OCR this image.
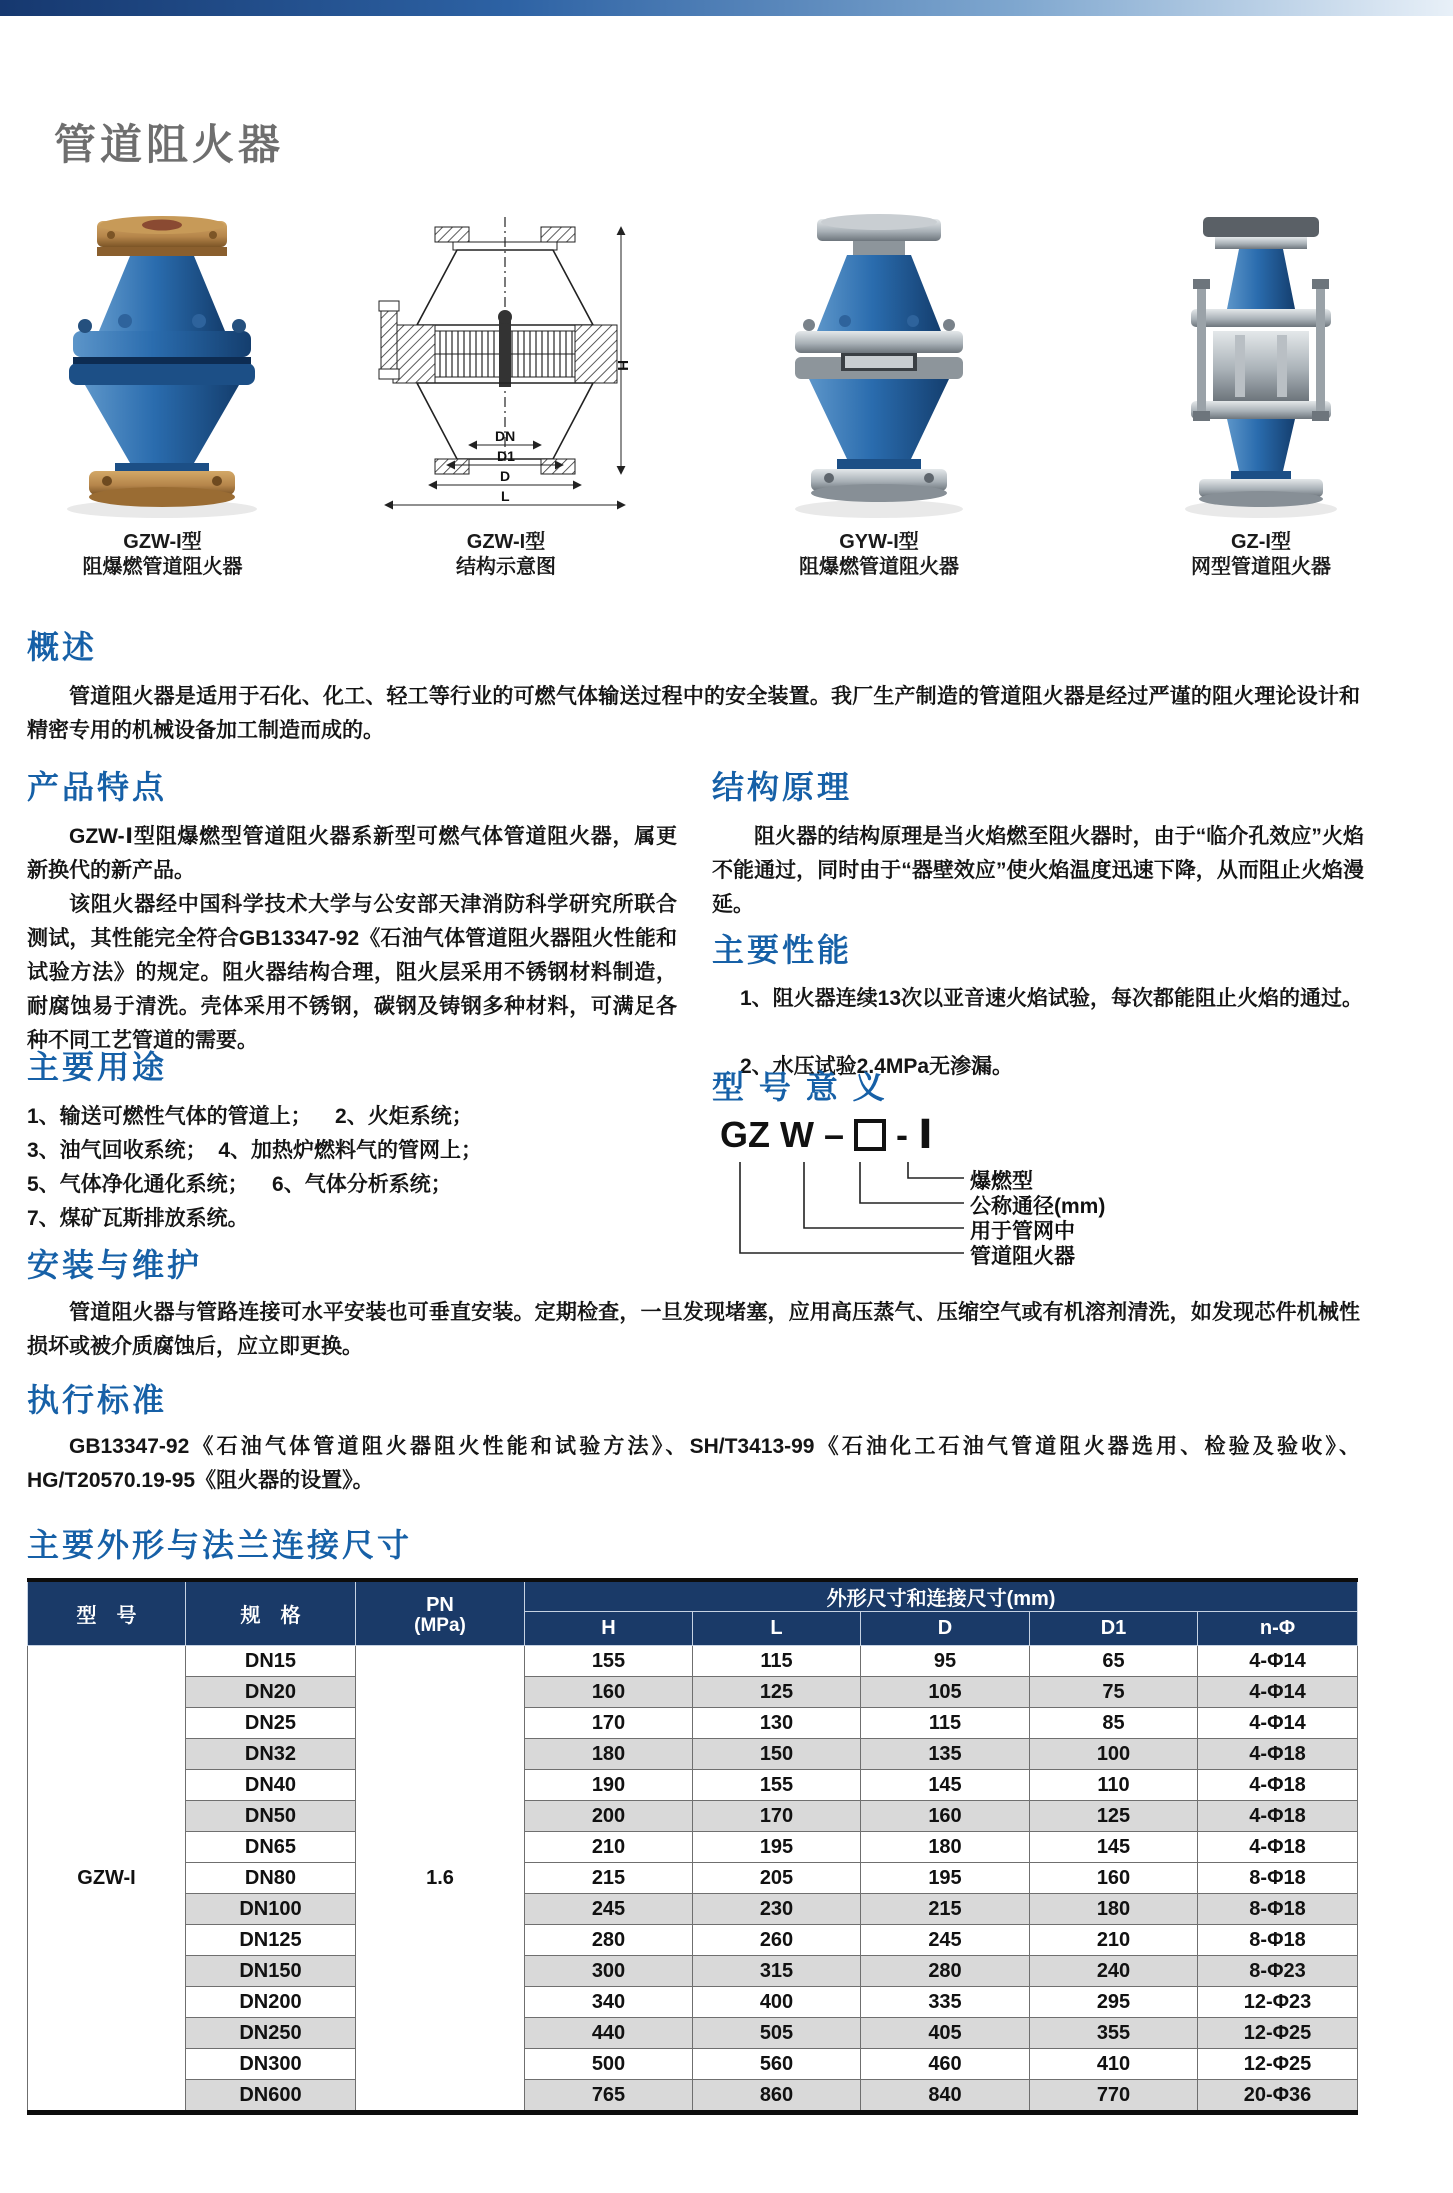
管道阻火器
GZW-I型
阻爆燃管道阻火器
H
DN
D1
D
L
GZW-I型
结构示意图
GYW-I型
阻爆燃管道阻火器
GZ-I型
网型管道阻火器
概述
管道阻火器是适用于石化、化工、轻工等行业的可燃气体输送过程中的安全装置。我厂生产制造的管道阻火器是经过严谨的阻火理论设计和精密专用的机械设备加工制造而成的。
产品特点
GZW-Ⅰ型阻爆燃型管道阻火器系新型可燃气体管道阻火器，属更新换代的新产品。
该阻火器经中国科学技术大学与公安部天津消防科学研究所联合测试，其性能完全符合GB13347-92《石油气体管道阻火器阻火性能和试验方法》的规定。阻火器结构合理，阻火层采用不锈钢材料制造，耐腐蚀易于清洗。壳体采用不锈钢，碳钢及铸钢多种材料，可满足各种不同工艺管道的需要。
结构原理
阻火器的结构原理是当火焰燃至阻火器时，由于“临介孔效应”火焰不能通过，同时由于“器壁效应”使火焰温度迅速下降，从而阻止火焰漫延。
主要性能
1、阻火器连续13次以亚音速火焰试验，每次都能阻止火焰的通过。
2、水压试验2.4MPa无渗漏。
主要用途
1、输送可燃性气体的管道上；    2、火炬系统；
3、油气回收系统；  4、加热炉燃料气的管网上；
5、气体净化通化系统；    6、气体分析系统；
7、煤矿瓦斯排放系统。
型 号 意 义
GZ W – - Ⅰ
爆燃型
公称通径(mm)
用于管网中
管道阻火器
安装与维护
管道阻火器与管路连接可水平安装也可垂直安装。定期检查，一旦发现堵塞，应用高压蒸气、压缩空气或有机溶剂清洗，如发现芯件机械性损坏或被介质腐蚀后，应立即更换。
执行标准
GB13347-92《石油气体管道阻火器阻火性能和试验方法》、SH/T3413-99《石油化工石油气管道阻火器选用、检验及验收》、HG/T20570.19-95《阻火器的设置》。
主要外形与法兰连接尺寸
型　号	规　格	PN
(MPa)	外形尺寸和连接尺寸(mm)				
			H	L	D	D1	n-Φ
GZW-I	DN15	1.6	155	115	95	65	4-Φ14
	DN20		160	125	105	75	4-Φ14
	DN25		170	130	115	85	4-Φ14
	DN32		180	150	135	100	4-Φ18
	DN40		190	155	145	110	4-Φ18
	DN50		200	170	160	125	4-Φ18
	DN65		210	195	180	145	4-Φ18
	DN80		215	205	195	160	8-Φ18
	DN100		245	230	215	180	8-Φ18
	DN125		280	260	245	210	8-Φ18
	DN150		300	315	280	240	8-Φ23
	DN200		340	400	335	295	12-Φ23
	DN250		440	505	405	355	12-Φ25
	DN300		500	560	460	410	12-Φ25
	DN600		765	860	840	770	20-Φ36
